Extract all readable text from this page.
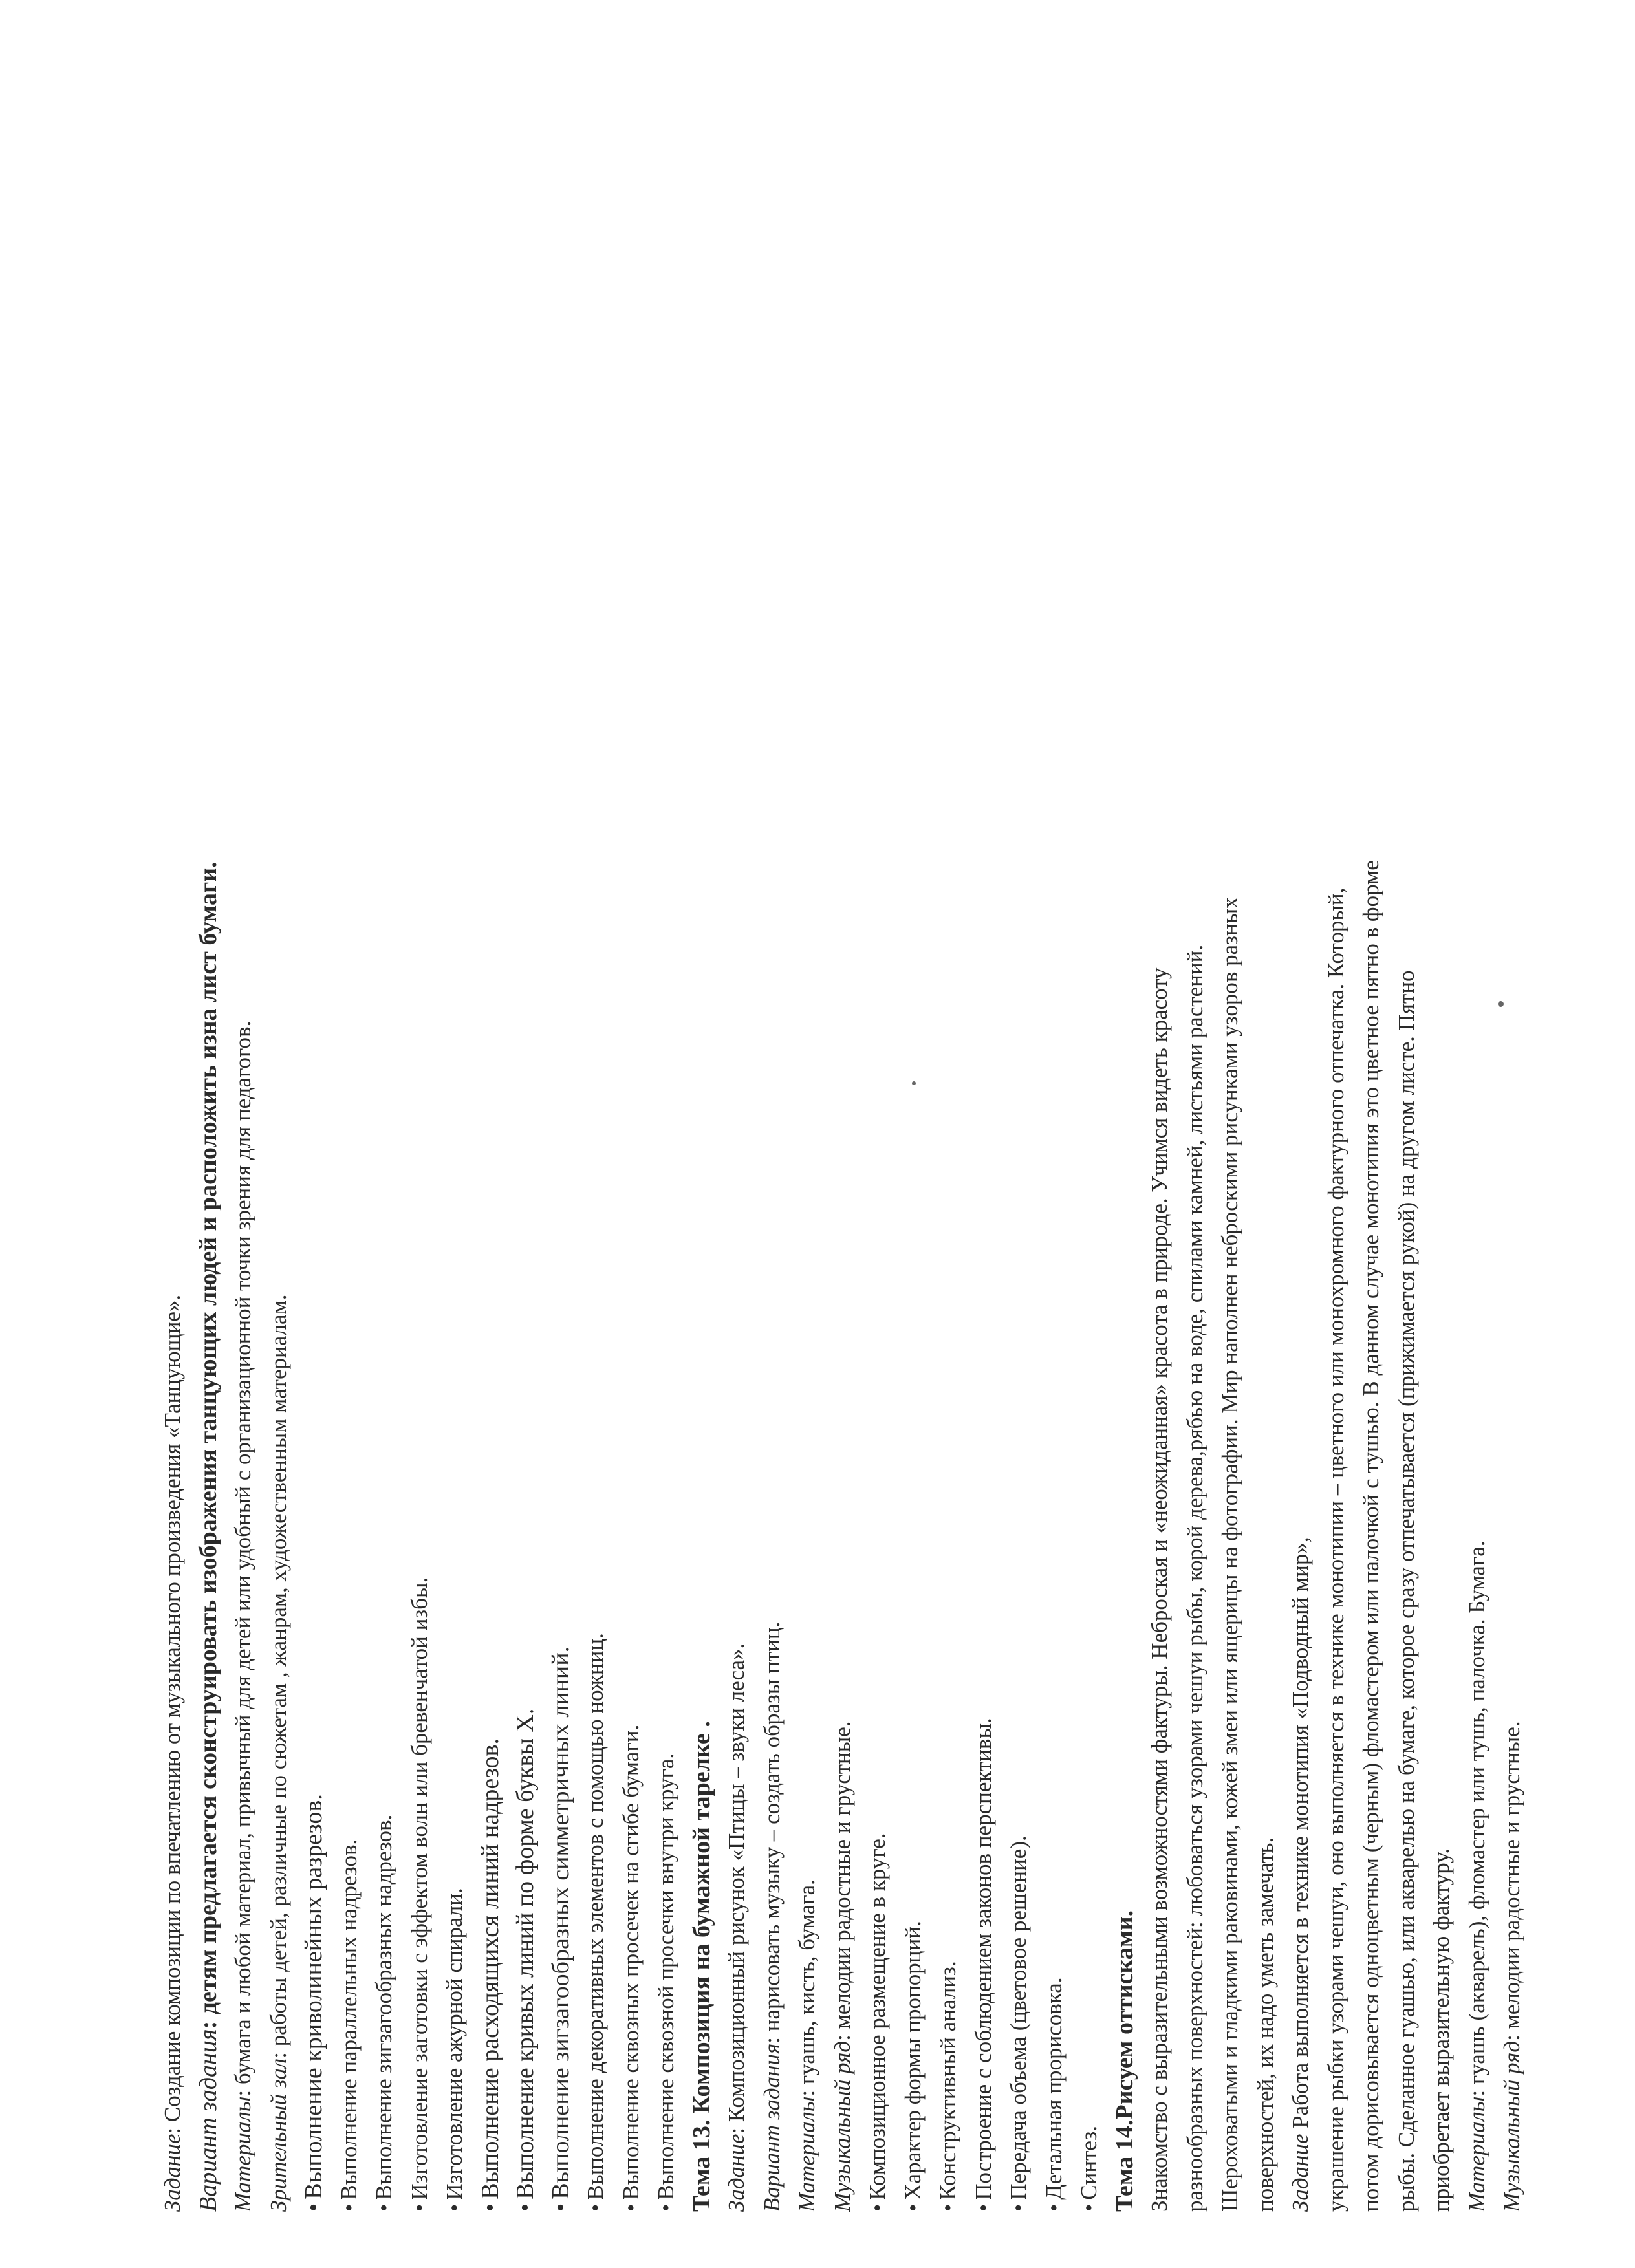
Задание: Создание композиции по впечатлению от музыкального произведения «Танцующие». Вариант задания: детям предлагается сконструировать изображения танцующих людей и расположить изна лист бумаги.
Материалы: бумага и любой материал, привычный для детей или удобный с организационной точки зрения для педагогов.
Зрительный зал: работы детей, различные по сюжетам , жанрам, художественным материалам. • Выполнение криволинейных разрезов. • Выполнение параллельных надрезов. • Выполнение зигзагообразных надрезов. • Изготовление заготовки с эффектом волн или бревенчатой избы. • Изготовление ажурной спирали. • Выполнение расходящихся линий надрезов. • Выполнение кривых линий по форме буквы Х. • Выполнение зигзагообразных симметричных линий. • Выполнение декоративных элементов с помощью ножниц. • Выполнение сквозных просечек на сгибе бумаги. • Выполнение сквозной просечки внутри круга. Тема 13. Композиция на бумажной тарелке . Задание: Композиционный рисунок «Птицы – звуки леса». Вариант задания: нарисовать музыку – создать образы птиц.
Материалы: гуашь, кисть, бумага.
Музыкальный ряд: мелодии радостные и грустные. • Композиционное размещение в круге. • Характер формы пропорций. • Конструктивный анализ. • Построение с соблюдением законов перспективы. • Передача объема (цветовое решение). • Детальная прорисовка. • Синтез. Тема 14.Рисуем оттисками. Знакомство с выразительными возможностями фактуры. Неброская и «неожиданная» красота в природе. Учимся видеть красоту разнообразных поверхностей: любоваться узорами чешуи рыбы, корой дерева,рябью на воде, спилами камней, листьями растений. Шероховатыми и гладкими раковинами, кожей змеи или ящерицы на фотографии. Мир наполнен неброскими рисунками узоров разных поверхностей, их надо уметь замечать. Задание Работа выполняется в технике монотипия «Подводный мир», украшение рыбки узорами чешуи, оно выполняется в технике монотипии – цветного или монохромного фактурного отпечатка. Который, потом дорисовывается одноцветным (черным) фломастером или палочкой с тушью. В данном случае монотипия это цветное пятно в форме рыбы. Сделанное гуашью, или акварелью на бумаге, которое сразу отпечатывается (прижимается рукой) на другом листе. Пятно приобретает выразительную фактуру. Материалы: гуашь (акварель), фломастер или тушь, палочка. Бумага.
Музыкальный ряд: мелодии радостные и грустные.
